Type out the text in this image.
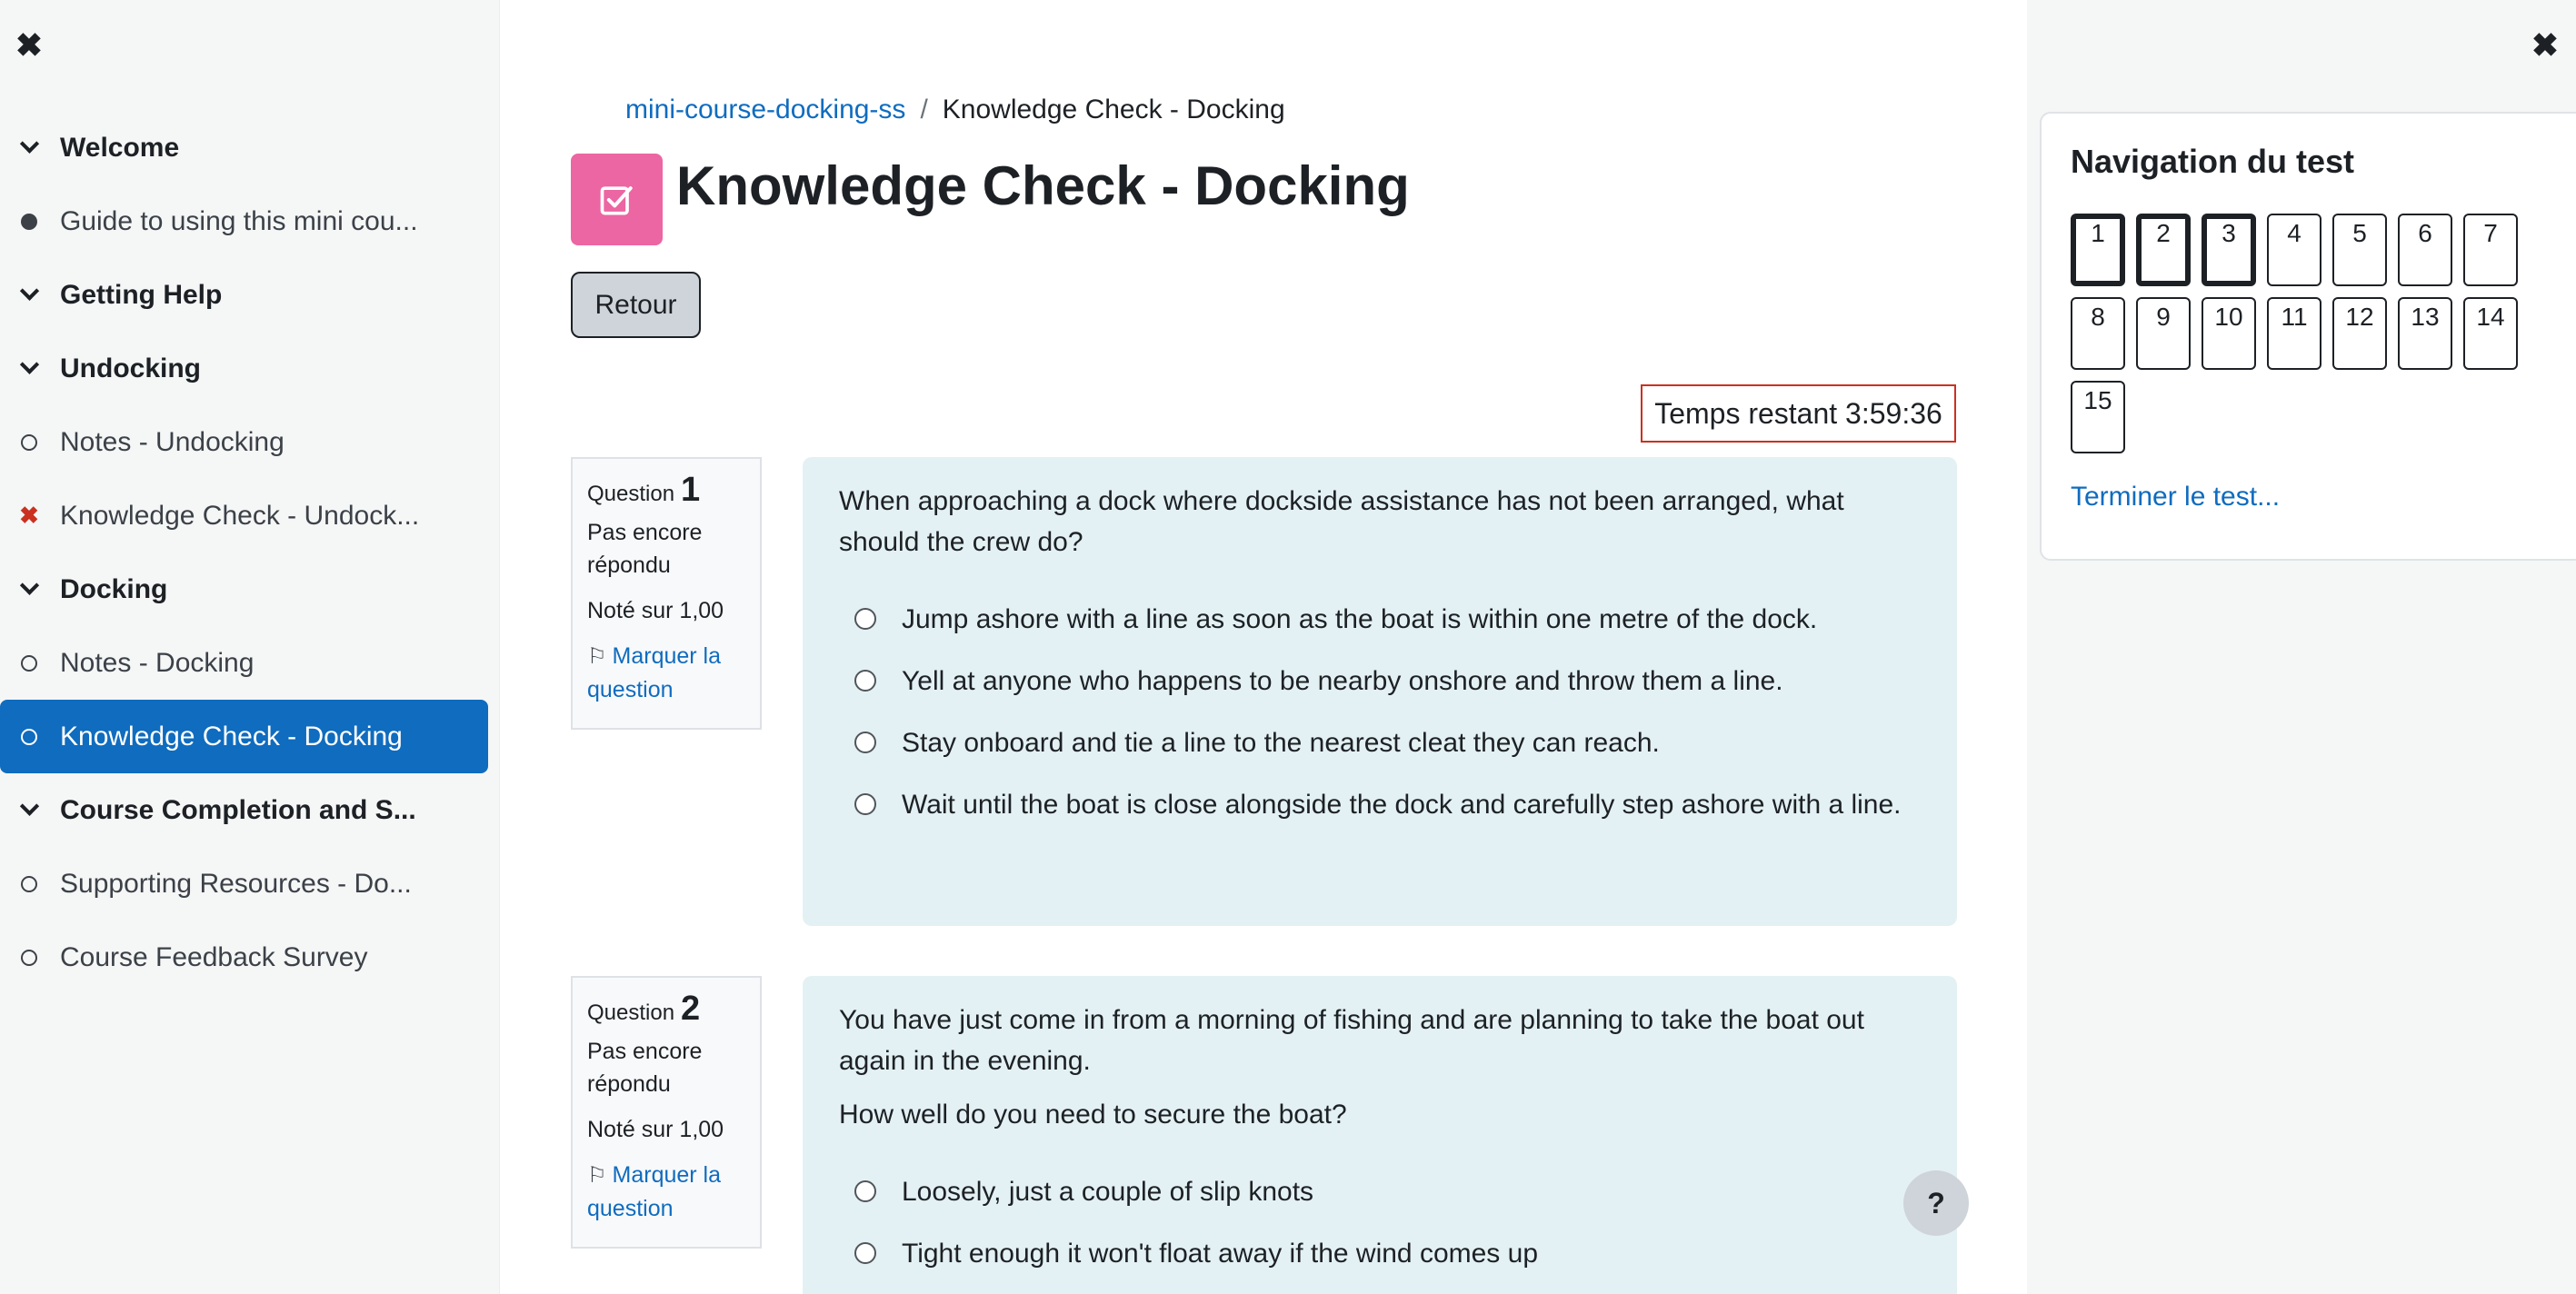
✖
Welcome
Guide to using this mini cou...
Getting Help
Undocking
Notes - Undocking
✖ Knowledge Check - Undock...
Docking
Notes - Docking
Knowledge Check - Docking
Course Completion and S...
Supporting Resources - Do...
Course Feedback Survey
mini-course-docking-ss / Knowledge Check - Docking
Knowledge Check - Docking
Retour
Temps restant 3:59:36
Question 1
Pas encore répondu
Noté sur 1,00
⚐ Marquer la question
When approaching a dock where dockside assistance has not been arranged, what should the crew do?
Jump ashore with a line as soon as the boat is within one metre of the dock.
Yell at anyone who happens to be nearby onshore and throw them a line.
Stay onboard and tie a line to the nearest cleat they can reach.
Wait until the boat is close alongside the dock and carefully step ashore with a line.
Question 2
Pas encore répondu
Noté sur 1,00
⚐ Marquer la question
You have just come in from a morning of fishing and are planning to take the boat out again in the evening.
How well do you need to secure the boat?
Loosely, just a couple of slip knots
Tight enough it won't float away if the wind comes up
?
✖
Navigation du test
1	2	3	4	5	6	7
8	9	10	11	12	13	14
15
Terminer le test...
